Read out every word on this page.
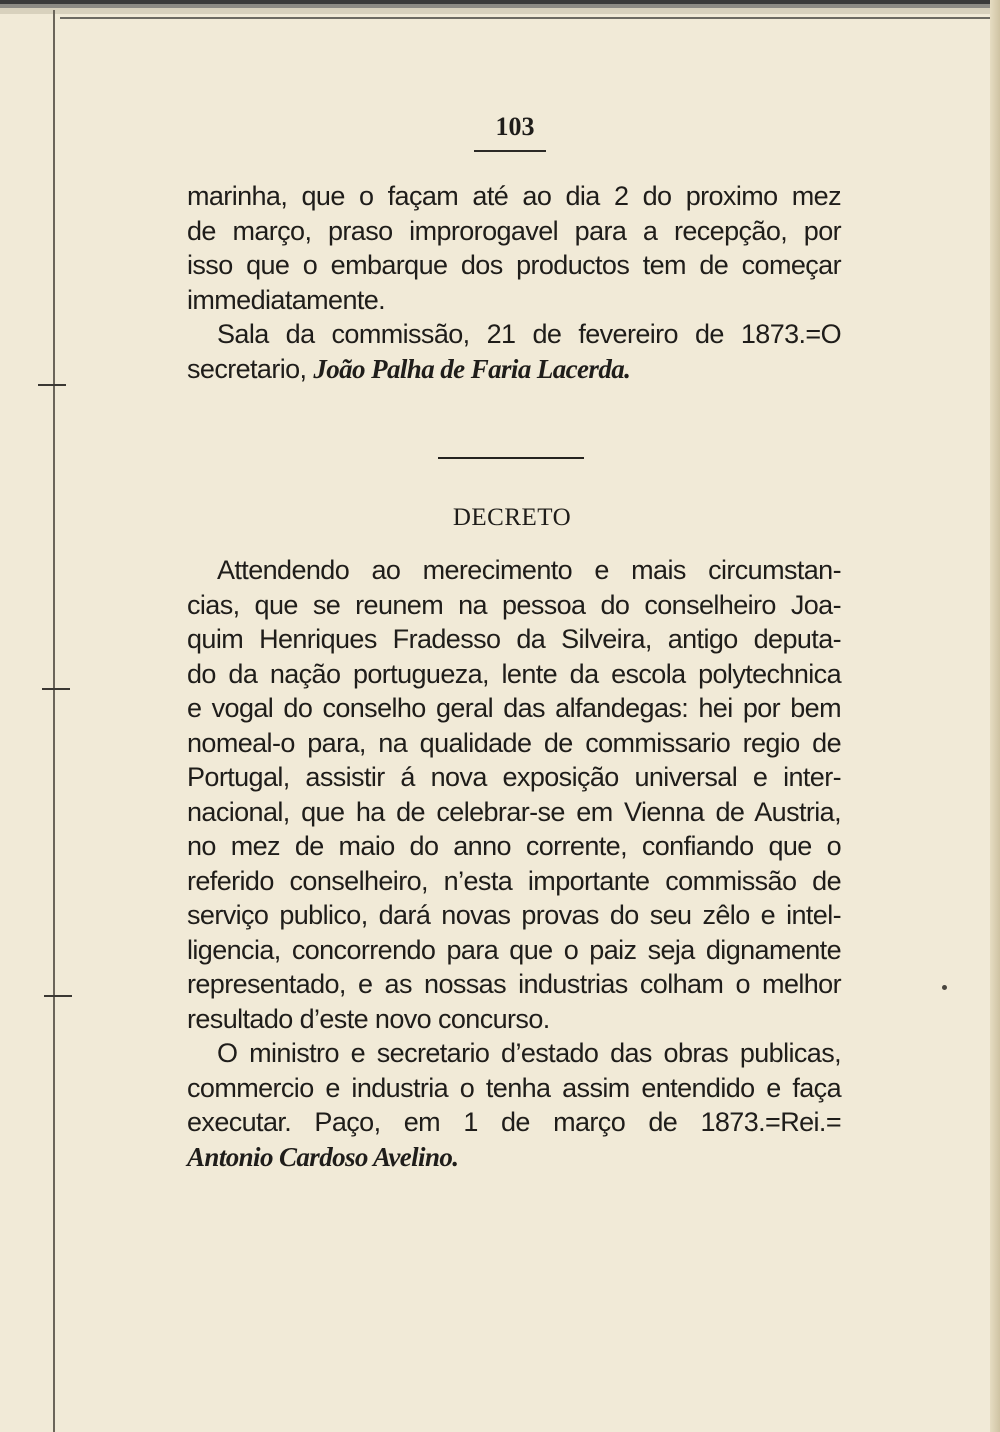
103
marinha, que o façam até ao dia 2 do proximo mez
de março, praso improrogavel para a recepção, por
isso que o embarque dos productos tem de começar
immediatamente.
Sala da commissão, 21 de fevereiro de 1873.=O
secretario, João Palha de Faria Lacerda.
DECRETO
Attendendo ao merecimento e mais circumstan-
cias, que se reunem na pessoa do conselheiro Joa-
quim Henriques Fradesso da Silveira, antigo deputa-
do da nação portugueza, lente da escola polytechnica
e vogal do conselho geral das alfandegas: hei por bem
nomeal-o para, na qualidade de commissario regio de
Portugal, assistir á nova exposição universal e inter-
nacional, que ha de celebrar-se em Vienna de Austria,
no mez de maio do anno corrente, confiando que o
referido conselheiro, n’esta importante commissão de
serviço publico, dará novas provas do seu zêlo e intel-
ligencia, concorrendo para que o paiz seja dignamente
representado, e as nossas industrias colham o melhor
resultado d’este novo concurso.
O ministro e secretario d’estado das obras publicas,
commercio e industria o tenha assim entendido e faça
executar. Paço, em 1 de março de 1873.=Rei.=
Antonio Cardoso Avelino.
